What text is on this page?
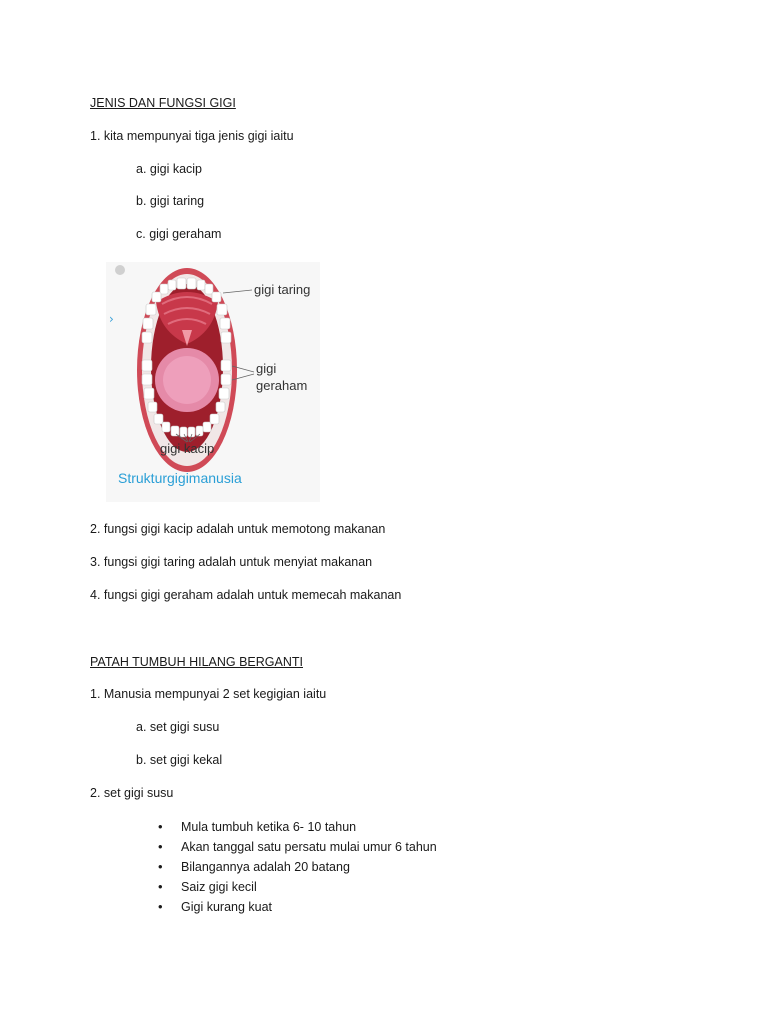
JENIS DAN FUNGSI GIGI
1. kita mempunyai tiga jenis gigi iaitu
a. gigi kacip
b. gigi taring
c. gigi geraham
›
gigi taring
gigi
geraham
gigi kacip
Strukturgigimanusia
2. fungsi gigi kacip adalah untuk memotong makanan
3. fungsi gigi taring adalah untuk menyiat makanan
4. fungsi gigi geraham adalah untuk memecah makanan
PATAH TUMBUH HILANG BERGANTI
1. Manusia mempunyai 2 set kegigian iaitu
a. set gigi susu
b. set gigi kekal
2. set gigi susu
• Mula tumbuh ketika 6- 10 tahun
• Akan tanggal satu persatu mulai umur 6 tahun
• Bilangannya adalah 20 batang
• Saiz gigi kecil
• Gigi kurang kuat
